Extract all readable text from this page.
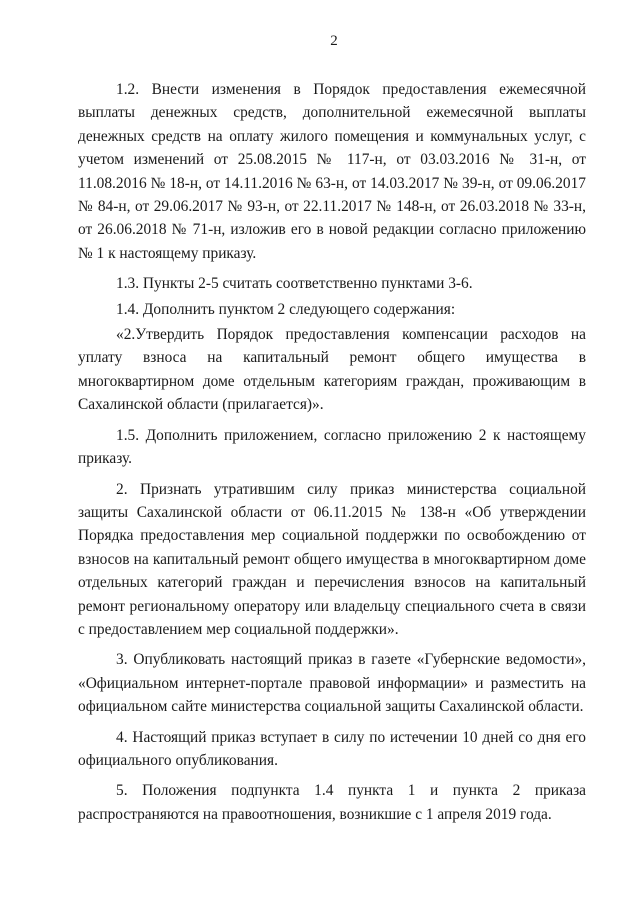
2

1.2. Внести изменения в Порядок предоставления ежемесячной выплаты денежных средств, дополнительной ежемесячной выплаты денежных средств на оплату жилого помещения и коммунальных услуг, с учетом изменений от 25.08.2015 № 117-н, от 03.03.2016 № 31-н, от 11.08.2016 № 18-н, от 14.11.2016 № 63-н, от 14.03.2017 № 39-н, от 09.06.2017 № 84-н, от 29.06.2017 № 93-н, от 22.11.2017 № 148-н, от 26.03.2018 № 33-н, от 26.06.2018 № 71-н, изложив его в новой редакции согласно приложению № 1 к настоящему приказу.

1.3. Пункты 2-5 считать соответственно пунктами 3-6.

1.4. Дополнить пунктом 2 следующего содержания:

«2.Утвердить Порядок предоставления компенсации расходов на уплату взноса на капитальный ремонт общего имущества в многоквартирном доме отдельным категориям граждан, проживающим в Сахалинской области (прилагается)».

1.5. Дополнить приложением, согласно приложению 2 к настоящему приказу.

2. Признать утратившим силу приказ министерства социальной защиты Сахалинской области от 06.11.2015 № 138-н «Об утверждении Порядка предоставления мер социальной поддержки по освобождению от взносов на капитальный ремонт общего имущества в многоквартирном доме отдельных категорий граждан и перечисления взносов на капитальный ремонт региональному оператору или владельцу специального счета в связи с предоставлением мер социальной поддержки».

3. Опубликовать настоящий приказ в газете «Губернские ведомости», «Официальном интернет-портале правовой информации» и разместить на официальном сайте министерства социальной защиты Сахалинской области.

4. Настоящий приказ вступает в силу по истечении 10 дней со дня его официального опубликования.

5. Положения подпункта 1.4 пункта 1 и пункта 2 приказа распространяются на правоотношения, возникшие с 1 апреля 2019 года.
